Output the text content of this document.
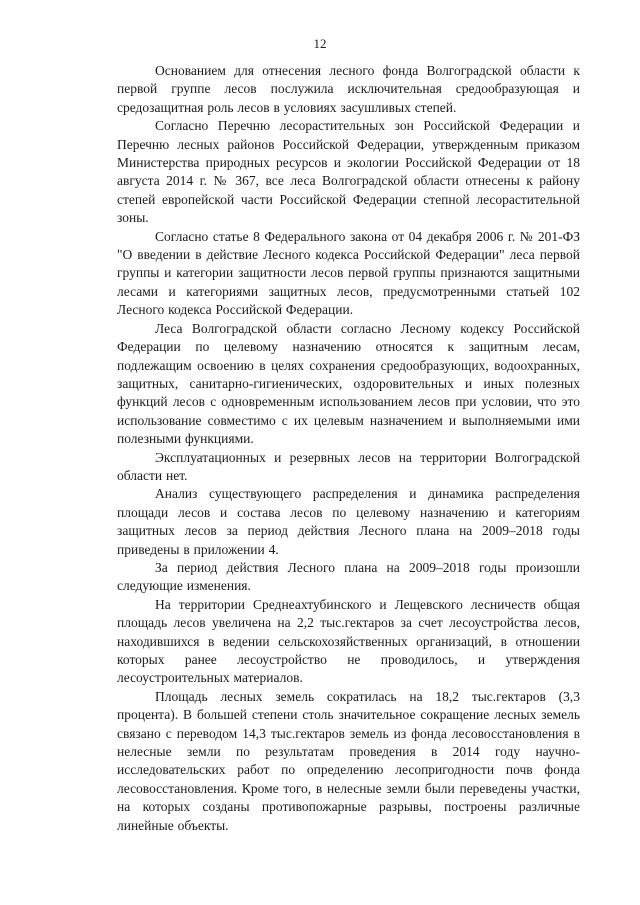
12

Основанием для отнесения лесного фонда Волгоградской области к первой группе лесов послужила исключительная средообразующая и средозащитная роль лесов в условиях засушливых степей.

Согласно Перечню лесорастительных зон Российской Федерации и Перечню лесных районов Российской Федерации, утвержденным приказом Министерства природных ресурсов и экологии Российской Федерации от 18 августа 2014 г. № 367, все леса Волгоградской области отнесены к району степей европейской части Российской Федерации степной лесорастительной зоны.

Согласно статье 8 Федерального закона от 04 декабря 2006 г. № 201-ФЗ "О введении в действие Лесного кодекса Российской Федерации" леса первой группы и категории защитности лесов первой группы признаются защитными лесами и категориями защитных лесов, предусмотренными статьей 102 Лесного кодекса Российской Федерации.

Леса Волгоградской области согласно Лесному кодексу Российской Федерации по целевому назначению относятся к защитным лесам, подлежащим освоению в целях сохранения средообразующих, водоохранных, защитных, санитарно-гигиенических, оздоровительных и иных полезных функций лесов с одновременным использованием лесов при условии, что это использование совместимо с их целевым назначением и выполняемыми ими полезными функциями.

Эксплуатационных и резервных лесов на территории Волгоградской области нет.

Анализ существующего распределения и динамика распределения площади лесов и состава лесов по целевому назначению и категориям защитных лесов за период действия Лесного плана на 2009–2018 годы приведены в приложении 4.

За период действия Лесного плана на 2009–2018 годы произошли следующие изменения.

На территории Среднеахтубинского и Лещевского лесничеств общая площадь лесов увеличена на 2,2 тыс.гектаров за счет лесоустройства лесов, находившихся в ведении сельскохозяйственных организаций, в отношении которых ранее лесоустройство не проводилось, и утверждения лесоустроительных материалов.

Площадь лесных земель сократилась на 18,2 тыс.гектаров (3,3 процента). В большей степени столь значительное сокращение лесных земель связано с переводом 14,3 тыс.гектаров земель из фонда лесовосстановления в нелесные земли по результатам проведения в 2014 году научно-исследовательских работ по определению лесопригодности почв фонда лесовосстановления. Кроме того, в нелесные земли были переведены участки, на которых созданы противопожарные разрывы, построены различные линейные объекты.
